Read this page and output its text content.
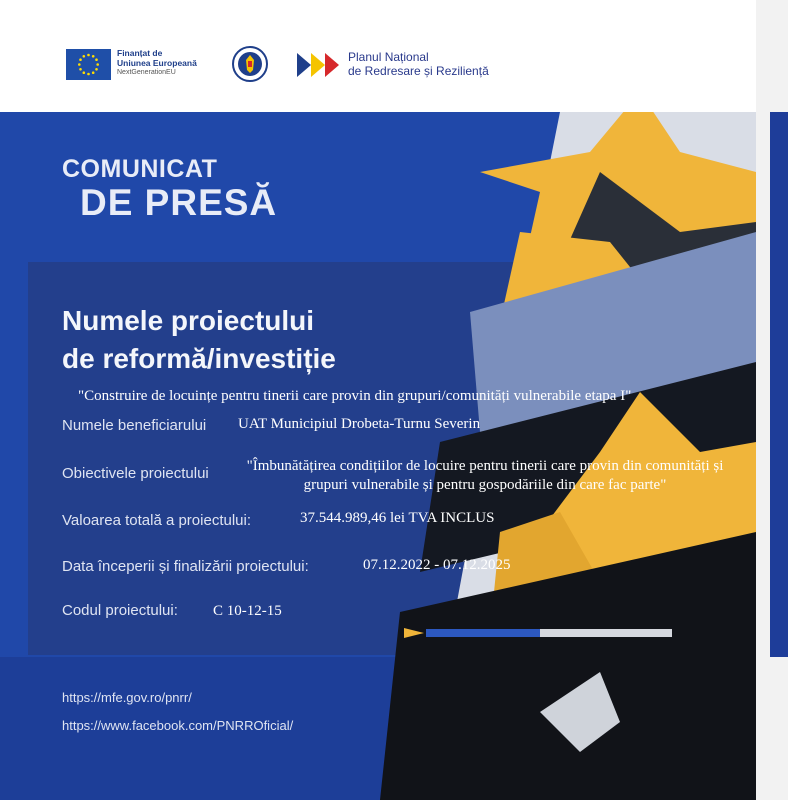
Finanțat de
Uniunea Europeană
NextGenerationEU
Planul Național
de Redresare și Reziliență
COMUNICAT
DE PRESĂ
Numele proiectului
de reformă/investiție
"Construire de locuințe pentru tinerii care provin din grupuri/comunități vulnerabile etapa I"
Numele beneficiarului UAT Municipiul Drobeta-Turnu Severin
Obiectivele proiectului	"Îmbunătățirea condițiilor de locuire pentru tinerii care provin din comunități și
grupuri vulnerabile și pentru gospodăriile din care fac parte"
Valoarea totală a proiectului:	37.544.989,46 lei TVA INCLUS
Data începerii și finalizării proiectului:	07.12.2022 - 07.12.2025
Codul proiectului: C 10-12-15
https://mfe.gov.ro/pnrr/
https://www.facebook.com/PNRROficial/
